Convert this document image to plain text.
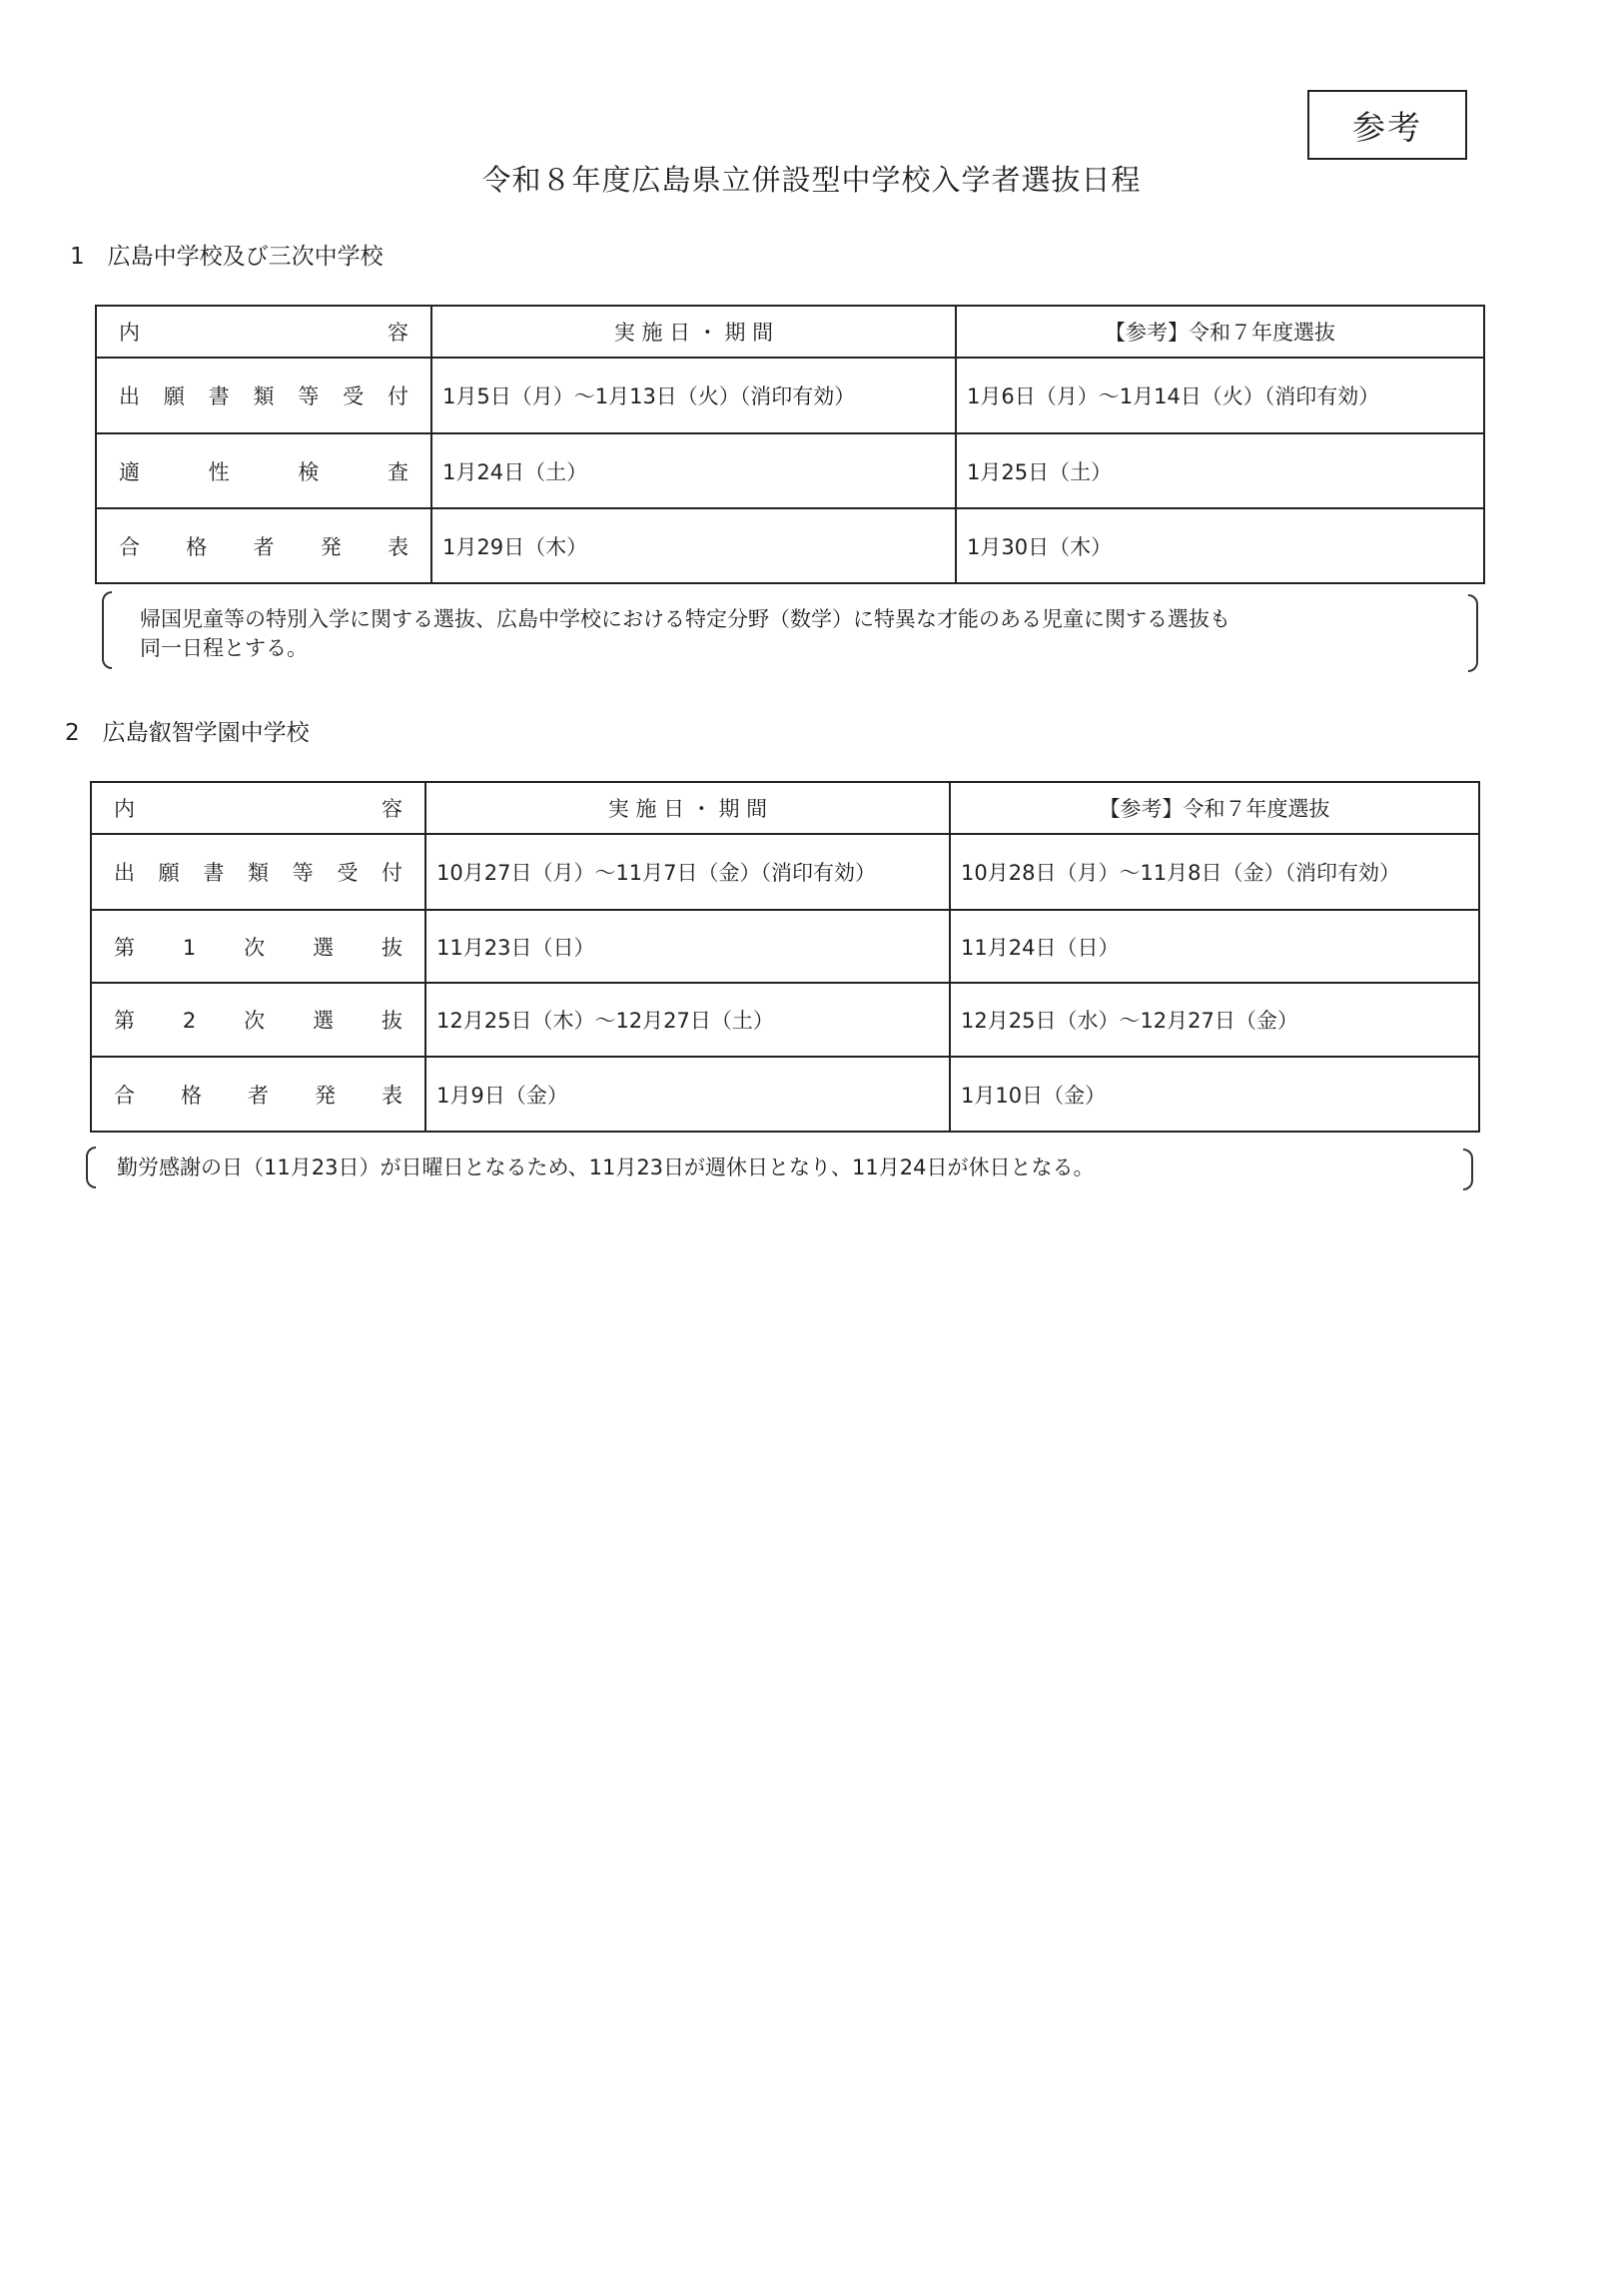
参考
令和８年度広島県立併設型中学校入学者選抜日程
1　広島中学校及び三次中学校
内　　　　容	実 施 日 ・ 期 間	【参考】令和７年度選抜
出願書類等受付	1月5日（月）～1月13日（火）（消印有効）	1月6日（月）～1月14日（火）（消印有効）
適性検査	1月24日（土）	1月25日（土）
合格者発表	1月29日（木）	1月30日（木）
帰国児童等の特別入学に関する選抜、広島中学校における特定分野（数学）に特異な才能のある児童に関する選抜も
同一日程とする。
2　広島叡智学園中学校
内　　　　容	実 施 日 ・ 期 間	【参考】令和７年度選抜
出願書類等受付	10月27日（月）～11月7日（金）（消印有効）	10月28日（月）～11月8日（金）（消印有効）
第1次選抜	11月23日（日）	11月24日（日）
第2次選抜	12月25日（木）～12月27日（土）	12月25日（水）～12月27日（金）
合格者発表	1月9日（金）	1月10日（金）
勤労感謝の日（11月23日）が日曜日となるため、11月23日が週休日となり、11月24日が休日となる。
